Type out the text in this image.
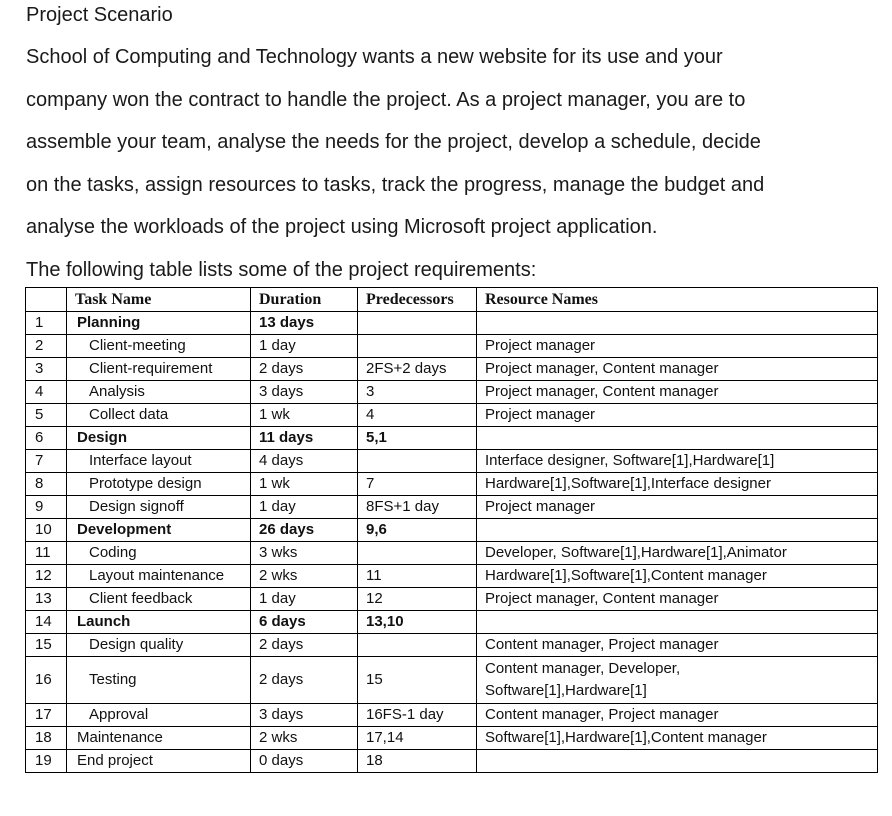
Project Scenario
School of Computing and Technology wants a new website for its use and your
company won the contract to handle the project. As a project manager, you are to
assemble your team, analyse the needs for the project, develop a schedule, decide
on the tasks, assign resources to tasks, track the progress, manage the budget and
analyse the workloads of the project using Microsoft project application.
The following table lists some of the project requirements:
	Task Name	Duration	Predecessors	Resource Names
1	Planning	13 days		
2	Client-meeting	1 day		Project manager
3	Client-requirement	2 days	2FS+2 days	Project manager, Content manager
4	Analysis	3 days	3	Project manager, Content manager
5	Collect data	1 wk	4	Project manager
6	Design	11 days	5,1	
7	Interface layout	4 days		Interface designer, Software[1],Hardware[1]
8	Prototype design	1 wk	7	Hardware[1],Software[1],Interface designer
9	Design signoff	1 day	8FS+1 day	Project manager
10	Development	26 days	9,6	
11	Coding	3 wks		Developer, Software[1],Hardware[1],Animator
12	Layout maintenance	2 wks	11	Hardware[1],Software[1],Content manager
13	Client feedback	1 day	12	Project manager, Content manager
14	Launch	6 days	13,10	
15	Design quality	2 days		Content manager, Project manager
16	Testing	2 days	15	Content manager, Developer,
Software[1],Hardware[1]

17	Approval	3 days	16FS-1 day	Content manager, Project manager
18	Maintenance	2 wks	17,14	Software[1],Hardware[1],Content manager
19	End project	0 days	18	
